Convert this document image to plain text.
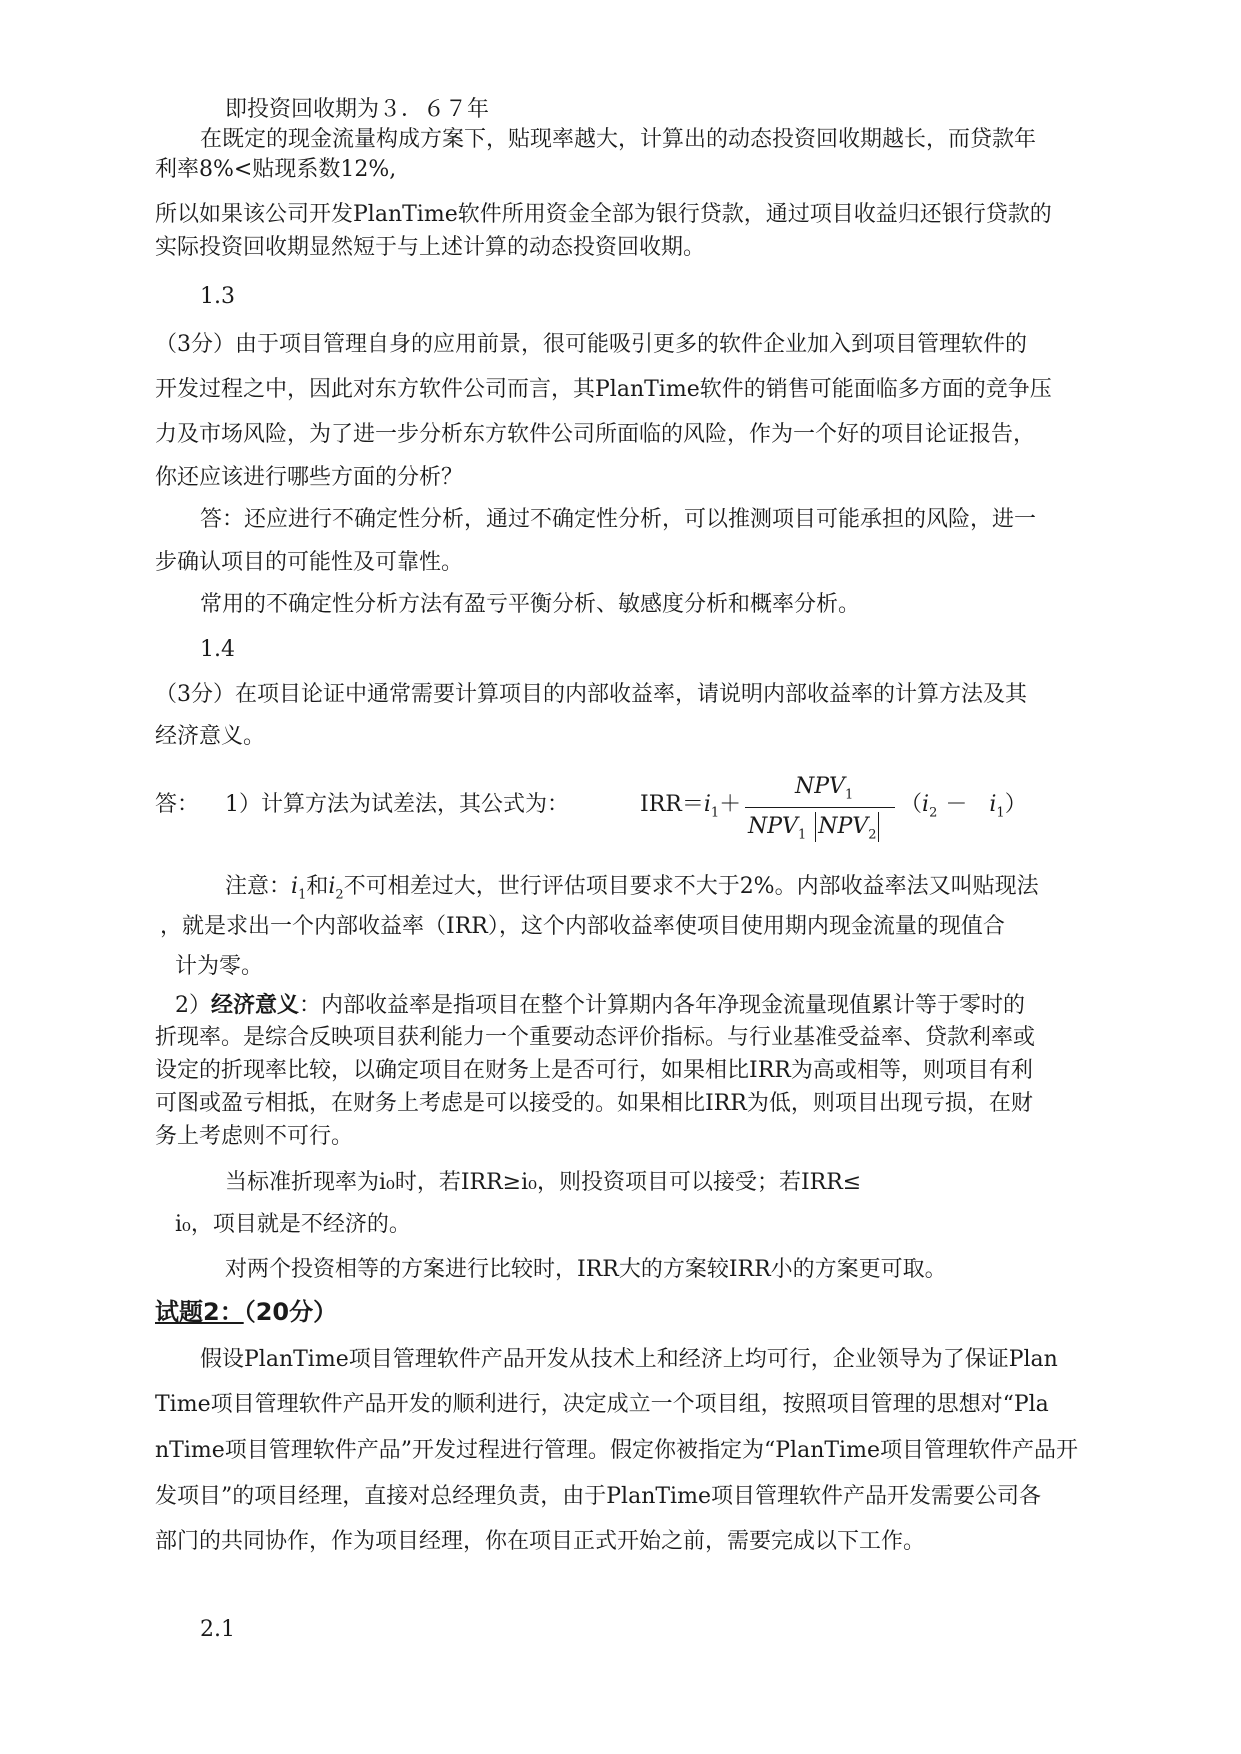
即投资回收期为３．６７年
在既定的现金流量构成方案下，贴现率越大，计算出的动态投资回收期越长，而贷款年
利率8%<贴现系数12%,
所以如果该公司开发PlanTime软件所用资金全部为银行贷款，通过项目收益归还银行贷款的
实际投资回收期显然短于与上述计算的动态投资回收期。
1.3
（3分）由于项目管理自身的应用前景，很可能吸引更多的软件企业加入到项目管理软件的
开发过程之中，因此对东方软件公司而言，其PlanTime软件的销售可能面临多方面的竞争压
力及市场风险，为了进一步分析东方软件公司所面临的风险，作为一个好的项目论证报告，
你还应该进行哪些方面的分析？
答：还应进行不确定性分析，通过不确定性分析，可以推测项目可能承担的风险，进一
步确认项目的可能性及可靠性。
常用的不确定性分析方法有盈亏平衡分析、敏感度分析和概率分析。
1.4
（3分）在项目论证中通常需要计算项目的内部收益率，请说明内部收益率的计算方法及其
经济意义。
答： 1）计算方法为试差法，其公式为：	$IRR=i_1+$
$NPV_1$
$NPV_1$ $NPV_2$
$(i_2 - i_1)$
注意：$i_1$和$i_2$不可相差过大，世行评估项目要求不大于2%。内部收益率法又叫贴现法
，就是求出一个内部收益率（IRR），这个内部收益率使项目使用期内现金流量的现值合
计为零。
2）经济意义：内部收益率是指项目在整个计算期内各年净现金流量现值累计等于零时的
折现率。是综合反映项目获利能力一个重要动态评价指标。与行业基准受益率、贷款利率或
设定的折现率比较，以确定项目在财务上是否可行，如果相比IRR为高或相等，则项目有利
可图或盈亏相抵，在财务上考虑是可以接受的。如果相比IRR为低，则项目出现亏损，在财
务上考虑则不可行。
当标准折现率为i₀时，若IRR≥i₀，则投资项目可以接受；若IRR≤
i₀，项目就是不经济的。
对两个投资相等的方案进行比较时，IRR大的方案较IRR小的方案更可取。
试题2：（20分）
假设PlanTime项目管理软件产品开发从技术上和经济上均可行，企业领导为了保证Plan
Time项目管理软件产品开发的顺利进行，决定成立一个项目组，按照项目管理的思想对“Pla
nTime项目管理软件产品”开发过程进行管理。假定你被指定为“PlanTime项目管理软件产品开
发项目”的项目经理，直接对总经理负责，由于PlanTime项目管理软件产品开发需要公司各
部门的共同协作，作为项目经理，你在项目正式开始之前，需要完成以下工作。
2.1
